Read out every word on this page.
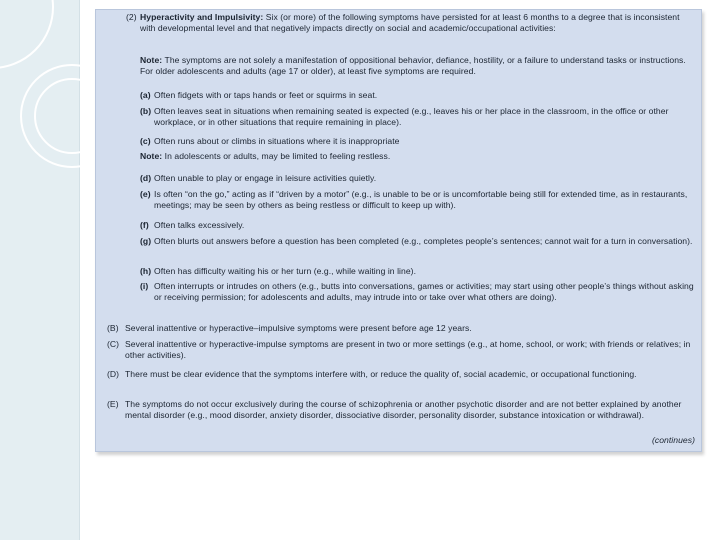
(2) Hyperactivity and Impulsivity: Six (or more) of the following symptoms have persisted for at least 6 months to a degree that is inconsistent with developmental level and that negatively impacts directly on social and academic/occupational activities:
Note: The symptoms are not solely a manifestation of oppositional behavior, defiance, hostility, or a failure to understand tasks or instructions. For older adolescents and adults (age 17 or older), at least five symptoms are required.
(a) Often fidgets with or taps hands or feet or squirms in seat.
(b) Often leaves seat in situations when remaining seated is expected (e.g., leaves his or her place in the classroom, in the office or other workplace, or in other situations that require remaining in place).
(c) Often runs about or climbs in situations where it is inappropriate
Note: In adolescents or adults, may be limited to feeling restless.
(d) Often unable to play or engage in leisure activities quietly.
(e) Is often “on the go,” acting as if “driven by a motor” (e.g., is unable to be or is uncomfortable being still for extended time, as in restaurants, meetings; may be seen by others as being restless or difficult to keep up with).
(f) Often talks excessively.
(g) Often blurts out answers before a question has been completed (e.g., completes people’s sentences; cannot wait for a turn in conversation).
(h) Often has difficulty waiting his or her turn (e.g., while waiting in line).
(i) Often interrupts or intrudes on others (e.g., butts into conversations, games or activities; may start using other people’s things without asking or receiving permission; for adolescents and adults, may intrude into or take over what others are doing).
(B) Several inattentive or hyperactive–impulsive symptoms were present before age 12 years.
(C) Several inattentive or hyperactive-impulse symptoms are present in two or more settings (e.g., at home, school, or work; with friends or relatives; in other activities).
(D) There must be clear evidence that the symptoms interfere with, or reduce the quality of, social academic, or occupational functioning.
(E) The symptoms do not occur exclusively during the course of schizophrenia or another psychotic disorder and are not better explained by another mental disorder (e.g., mood disorder, anxiety disorder, dissociative disorder, personality disorder, substance intoxication or withdrawal).
(continues)
